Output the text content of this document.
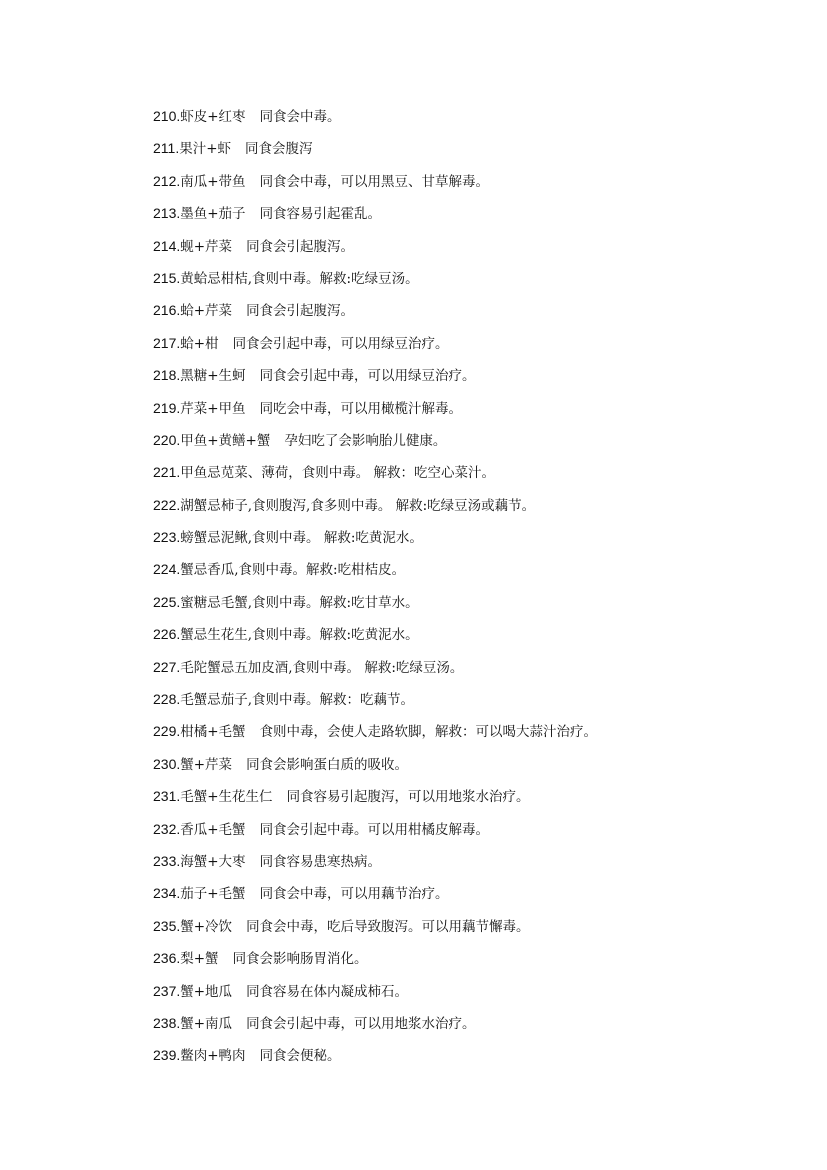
210.虾皮+红枣 同食会中毒。
211.果汁+虾 同食会腹泻
212.南瓜+带鱼 同食会中毒，可以用黑豆、甘草解毒。
213.墨鱼+茄子 同食容易引起霍乱。
214.蚬+芹菜 同食会引起腹泻。
215.黄蛤忌柑桔,食则中毒。解救:吃绿豆汤。
216.蛤+芹菜 同食会引起腹泻。
217.蛤+柑 同食会引起中毒，可以用绿豆治疗。
218.黑糖+生蚵 同食会引起中毒，可以用绿豆治疗。
219.芹菜+甲鱼 同吃会中毒，可以用橄榄汁解毒。
220.甲鱼+黄鳝+蟹 孕妇吃了会影响胎儿健康。
221.甲鱼忌苋菜、薄荷，食则中毒。 解救：吃空心菜汁。
222.湖蟹忌柿子,食则腹泻,食多则中毒。 解救:吃绿豆汤或藕节。
223.螃蟹忌泥鳅,食则中毒。 解救:吃黄泥水。
224.蟹忌香瓜,食则中毒。解救:吃柑桔皮。
225.蜜糖忌毛蟹,食则中毒。解救:吃甘草水。
226.蟹忌生花生,食则中毒。解救:吃黄泥水。
227.毛陀蟹忌五加皮酒,食则中毒。 解救:吃绿豆汤。
228.毛蟹忌茄子,食则中毒。解救：吃藕节。
229.柑橘+毛蟹 食则中毒，会使人走路软脚，解救：可以喝大蒜汁治疗。
230.蟹+芹菜 同食会影响蛋白质的吸收。
231.毛蟹+生花生仁 同食容易引起腹泻，可以用地浆水治疗。
232.香瓜+毛蟹 同食会引起中毒。可以用柑橘皮解毒。
233.海蟹+大枣 同食容易患寒热病。
234.茄子+毛蟹 同食会中毒，可以用藕节治疗。
235.蟹+冷饮 同食会中毒，吃后导致腹泻。可以用藕节懈毒。
236.梨+蟹 同食会影响肠胃消化。
237.蟹+地瓜 同食容易在体内凝成柿石。
238.蟹+南瓜 同食会引起中毒，可以用地浆水治疗。
239.鳖肉+鸭肉 同食会便秘。
